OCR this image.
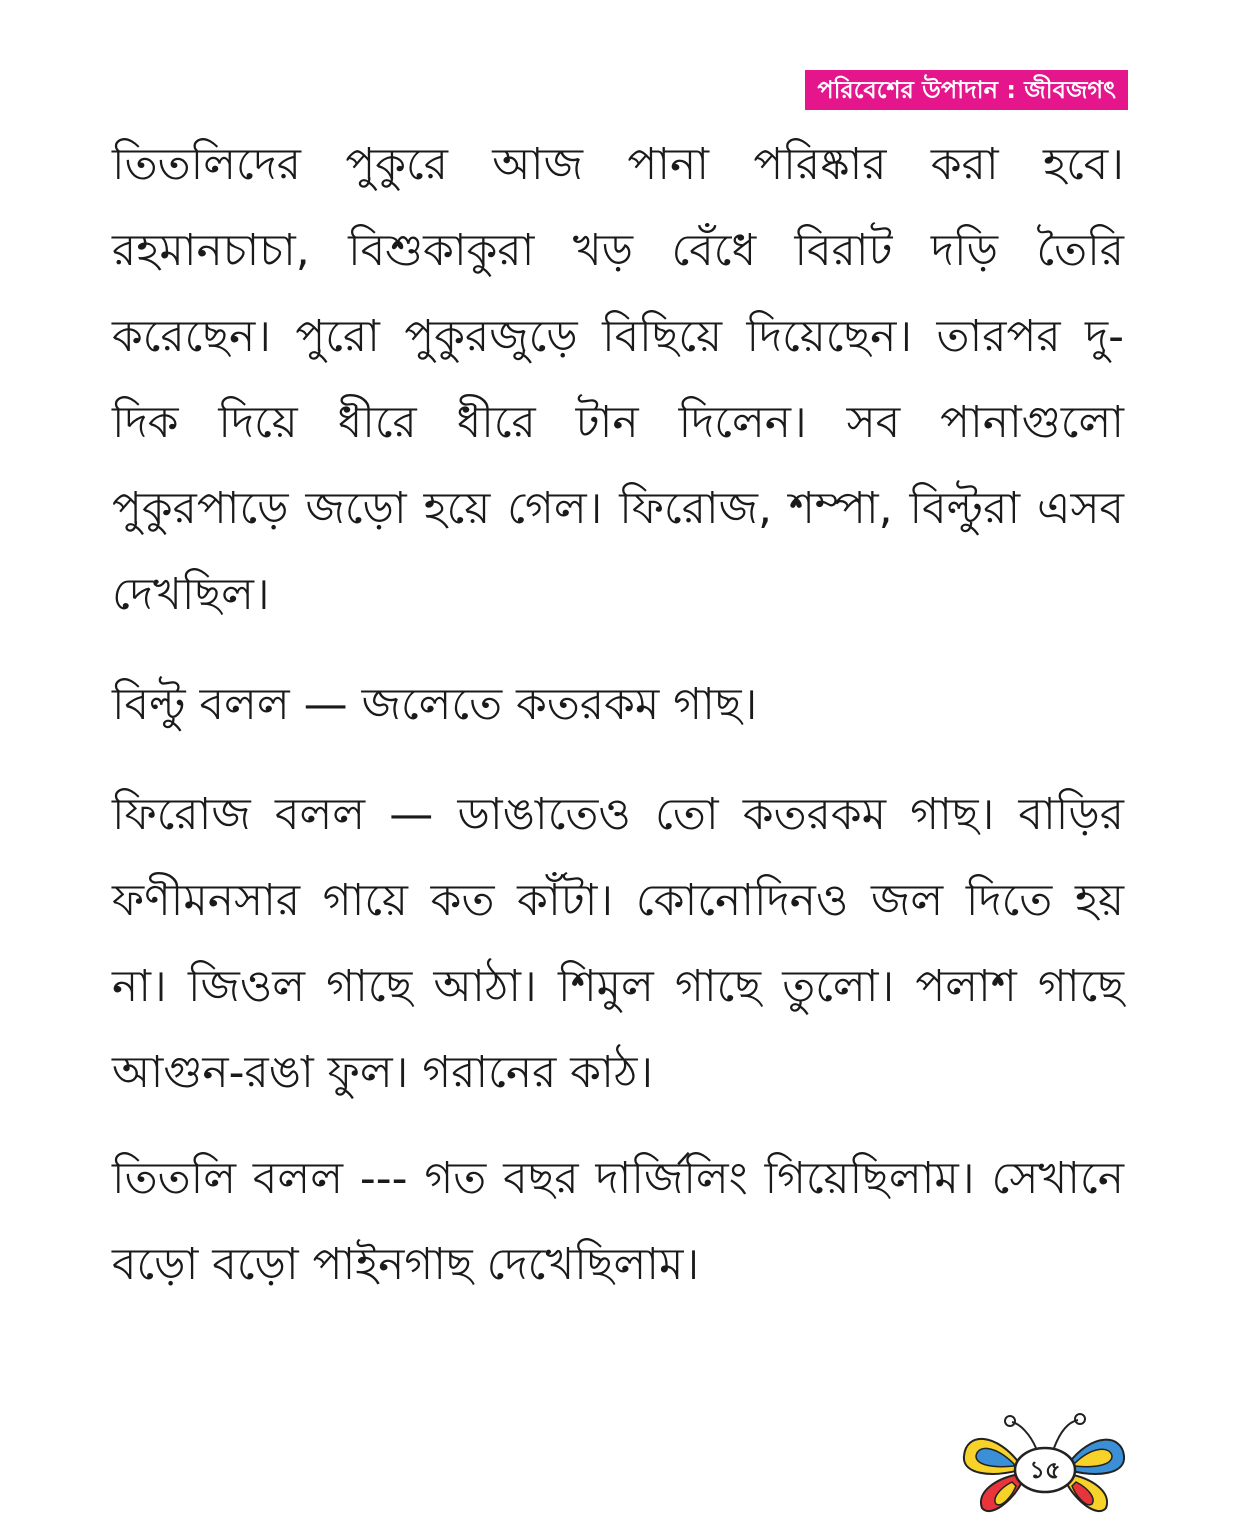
পরিবেশের উপাদান : জীবজগৎ

তিতলিদের পুকুরে আজ পানা পরিষ্কার করা হবে। রহমানচাচা, বিশুকাকুরা খড় বেঁধে বিরাট দড়ি তৈরি করেছেন। পুরো পুকুরজুড়ে বিছিয়ে দিয়েছেন। তারপর দু-দিক দিয়ে ধীরে ধীরে টান দিলেন। সব পানাগুলো পুকুরপাড়ে জড়ো হয়ে গেল। ফিরোজ, শম্পা, বিল্টুরা এসব দেখছিল।

বিল্টু বলল — জলেতে কতরকম গাছ।

ফিরোজ বলল — ডাঙাতেও তো কতরকম গাছ। বাড়ির ফণীমনসার গায়ে কত কাঁটা। কোনোদিনও জল দিতে হয় না। জিওল গাছে আঠা। শিমুল গাছে তুলো। পলাশ গাছে আগুন-রঙা ফুল। গরানের কাঠ।

তিতলি বলল --- গত বছর দার্জিলিং গিয়েছিলাম। সেখানে বড়ো বড়ো পাইনগাছ দেখেছিলাম।

১৫
